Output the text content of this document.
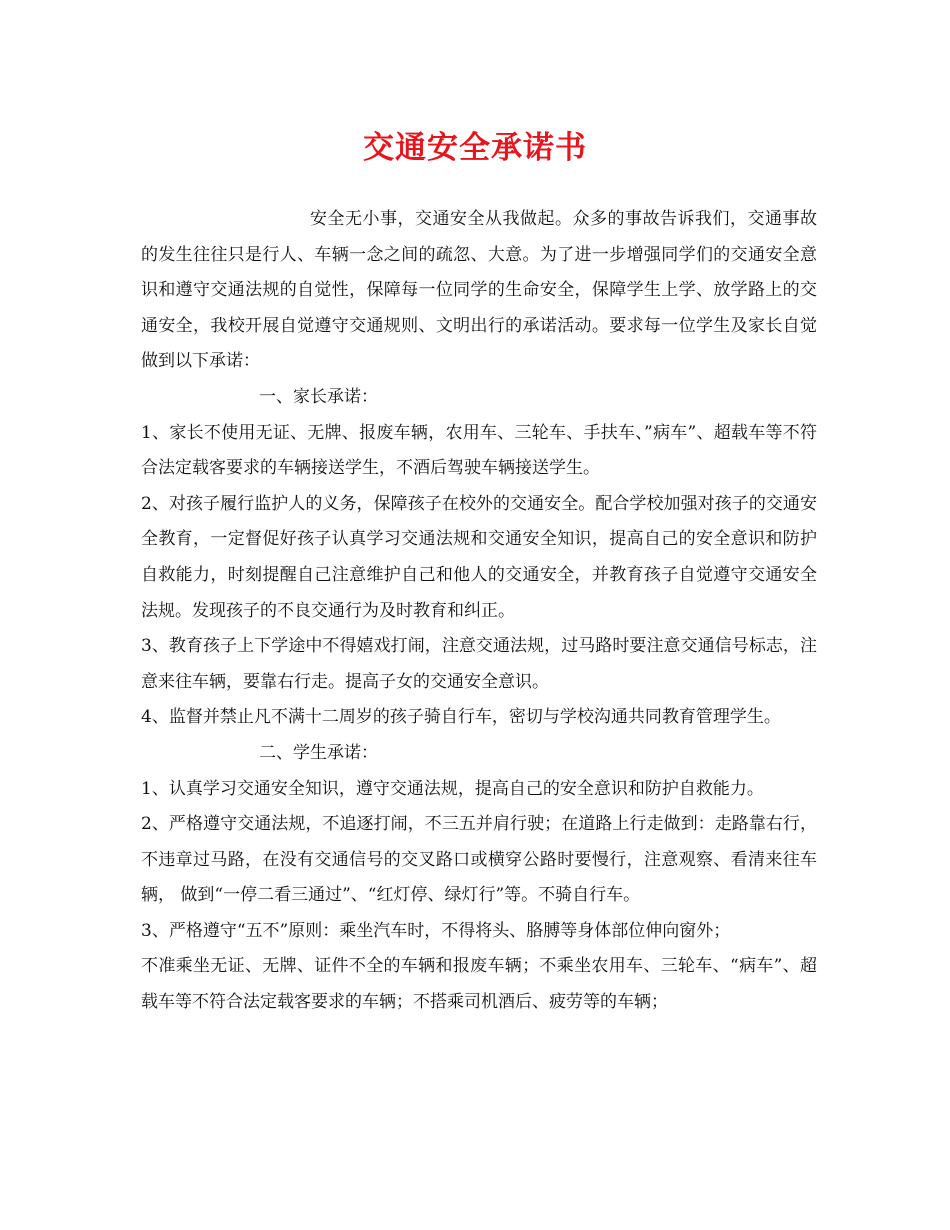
交通安全承诺书

安全无小事，交通安全从我做起。众多的事故告诉我们，交通事故的发生往往只是行人、车辆一念之间的疏忽、大意。为了进一步增强同学们的交通安全意识和遵守交通法规的自觉性，保障每一位同学的生命安全，保障学生上学、放学路上的交通安全，我校开展自觉遵守交通规则、文明出行的承诺活动。要求每一位学生及家长自觉做到以下承诺：

一、家长承诺：

1、家长不使用无证、无牌、报废车辆，农用车、三轮车、手扶车、”病车”、超载车等不符合法定载客要求的车辆接送学生，不酒后驾驶车辆接送学生。

2、对孩子履行监护人的义务，保障孩子在校外的交通安全。配合学校加强对孩子的交通安全教育，一定督促好孩子认真学习交通法规和交通安全知识，提高自己的安全意识和防护自救能力，时刻提醒自己注意维护自己和他人的交通安全，并教育孩子自觉遵守交通安全法规。发现孩子的不良交通行为及时教育和纠正。

3、教育孩子上下学途中不得嬉戏打闹，注意交通法规，过马路时要注意交通信号标志，注意来往车辆，要靠右行走。提高子女的交通安全意识。

4、监督并禁止凡不满十二周岁的孩子骑自行车，密切与学校沟通共同教育管理学生。

二、学生承诺：

1、认真学习交通安全知识，遵守交通法规，提高自己的安全意识和防护自救能力。

2、严格遵守交通法规，不追逐打闹，不三五并肩行驶；在道路上行走做到：走路靠右行，不违章过马路，在没有交通信号的交叉路口或横穿公路时要慢行，注意观察、看清来往车辆， 做到“一停二看三通过”、“红灯停、绿灯行”等。不骑自行车。

3、严格遵守“五不”原则：乘坐汽车时，不得将头、胳膊等身体部位伸向窗外；

不准乘坐无证、无牌、证件不全的车辆和报废车辆；不乘坐农用车、三轮车、“病车”、超载车等不符合法定载客要求的车辆；不搭乘司机酒后、疲劳等的车辆；
